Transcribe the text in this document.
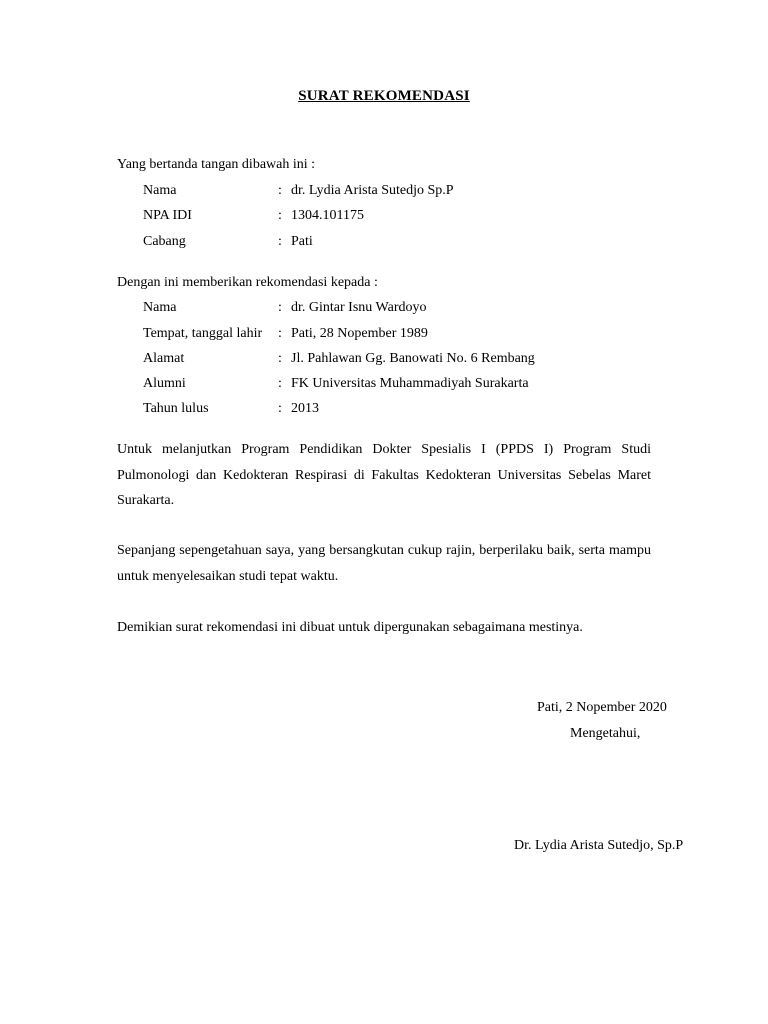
SURAT REKOMENDASI
Yang bertanda tangan dibawah ini :
Nama	: dr. Lydia Arista Sutedjo Sp.P
NPA IDI	: 1304.101175
Cabang	: Pati
Dengan ini memberikan rekomendasi kepada :
Nama	: dr. Gintar Isnu Wardoyo
Tempat, tanggal lahir : Pati, 28 Nopember 1989
Alamat	: Jl. Pahlawan Gg. Banowati No. 6 Rembang
Alumni	: FK Universitas Muhammadiyah Surakarta
Tahun lulus	: 2013
Untuk melanjutkan Program Pendidikan Dokter Spesialis I (PPDS I) Program Studi Pulmonologi dan Kedokteran Respirasi di Fakultas Kedokteran Universitas Sebelas Maret Surakarta.
Sepanjang sepengetahuan saya, yang bersangkutan cukup rajin, berperilaku baik, serta mampu untuk menyelesaikan studi tepat waktu.
Demikian surat rekomendasi ini dibuat untuk dipergunakan sebagaimana mestinya.
Pati, 2 Nopember 2020
Mengetahui,
Dr. Lydia Arista Sutedjo, Sp.P
